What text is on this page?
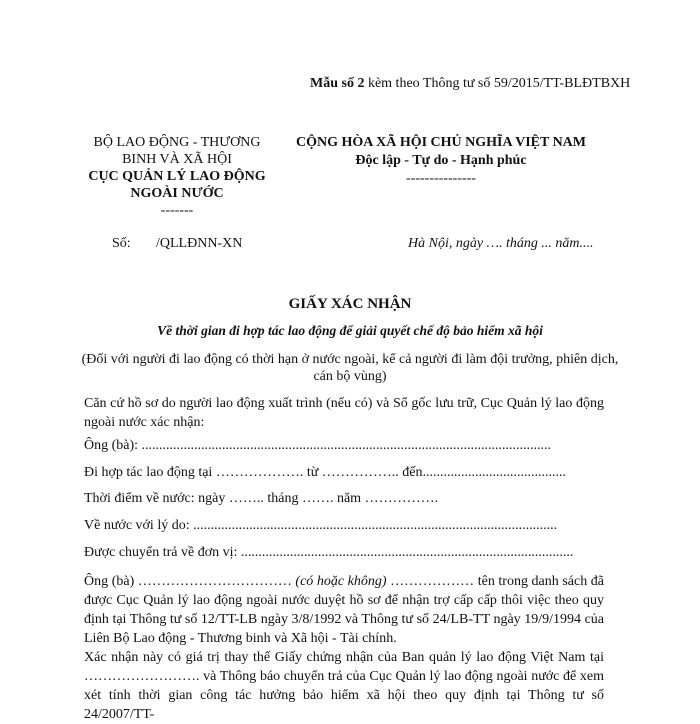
Mẫu số 2 kèm theo Thông tư số 59/2015/TT-BLĐTBXH
BỘ LAO ĐỘNG - THƯƠNG
BINH VÀ XÃ HỘI
CỤC QUẢN LÝ LAO ĐỘNG
NGOÀI NƯỚC
-------
CỘNG HÒA XÃ HỘI CHỦ NGHĨA VIỆT NAM
Độc lập - Tự do - Hạnh phúc
---------------
Số: /QLLĐNN-XN	Hà Nội, ngày …. tháng ... năm....
GIẤY XÁC NHẬN
Về thời gian đi hợp tác lao động để giải quyết chế độ bảo hiểm xã hội
(Đối với người đi lao động có thời hạn ở nước ngoài, kể cả người đi làm đội trưởng, phiên dịch,
cán bộ vùng)
Căn cứ hồ sơ do người lao động xuất trình (nếu có) và Sổ gốc lưu trữ, Cục Quản lý lao động ngoài nước xác nhận:
Ông (bà): .....................................................................................................................
Đi hợp tác lao động tại ………………. từ …………….. đến.........................................
Thời điểm về nước: ngày …….. tháng ……. năm …………….
Về nước với lý do: ........................................................................................................
Được chuyển trả về đơn vị: ...............................................................................................
Ông (bà) …………………………… (có hoặc không) ……………… tên trong danh sách đã được Cục Quản lý lao động ngoài nước duyệt hồ sơ để nhận trợ cấp cấp thôi việc theo quy định tại Thông tư số 12/TT-LB ngày 3/8/1992 và Thông tư số 24/LB-TT ngày 19/9/1994 của Liên Bộ Lao động - Thương binh và Xã hội - Tài chính.
Xác nhận này có giá trị thay thế Giấy chứng nhận của Ban quản lý lao động Việt Nam tại ……………………. và Thông báo chuyển trả của Cục Quản lý lao động ngoài nước để xem xét tính thời gian công tác hưởng bảo hiểm xã hội theo quy định tại Thông tư số 24/2007/TT-
